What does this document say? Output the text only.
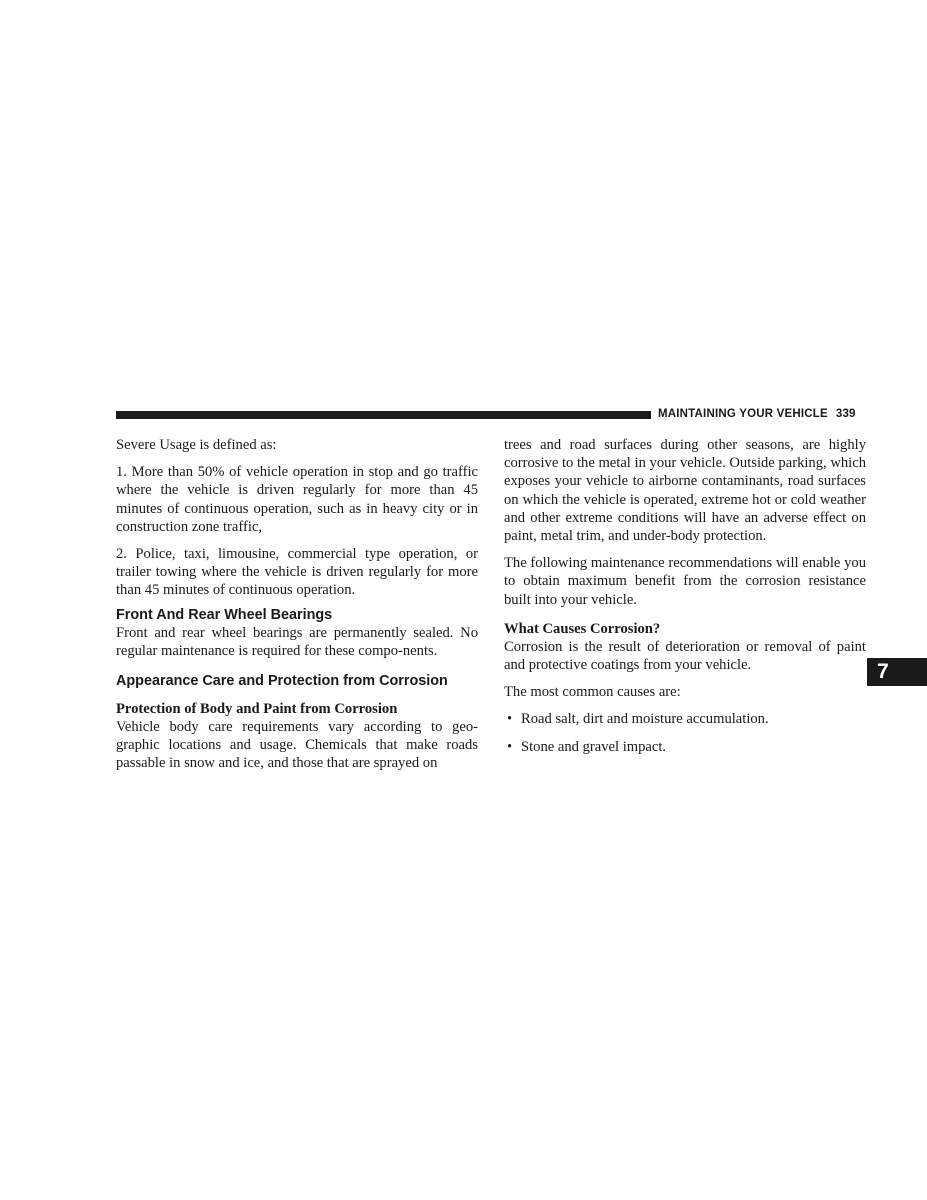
MAINTAINING YOUR VEHICLE 339

Severe Usage is defined as:

1. More than 50% of vehicle operation in stop and go traffic where the vehicle is driven regularly for more than 45 minutes of continuous operation, such as in heavy city or in construction zone traffic,

2. Police, taxi, limousine, commercial type operation, or trailer towing where the vehicle is driven regularly for more than 45 minutes of continuous operation.

Front And Rear Wheel Bearings

Front and rear wheel bearings are permanently sealed. No regular maintenance is required for these compo-nents.

Appearance Care and Protection from Corrosion
Protection of Body and Paint from Corrosion

Vehicle body care requirements vary according to geo-graphic locations and usage. Chemicals that make roads passable in snow and ice, and those that are sprayed on

trees and road surfaces during other seasons, are highly corrosive to the metal in your vehicle. Outside parking, which exposes your vehicle to airborne contaminants, road surfaces on which the vehicle is operated, extreme hot or cold weather and other extreme conditions will have an adverse effect on paint, metal trim, and under-body protection.

The following maintenance recommendations will enable you to obtain maximum benefit from the corrosion resistance built into your vehicle.

What Causes Corrosion?

Corrosion is the result of deterioration or removal of paint and protective coatings from your vehicle.

The most common causes are:

• Road salt, dirt and moisture accumulation.
• Stone and gravel impact.
7
